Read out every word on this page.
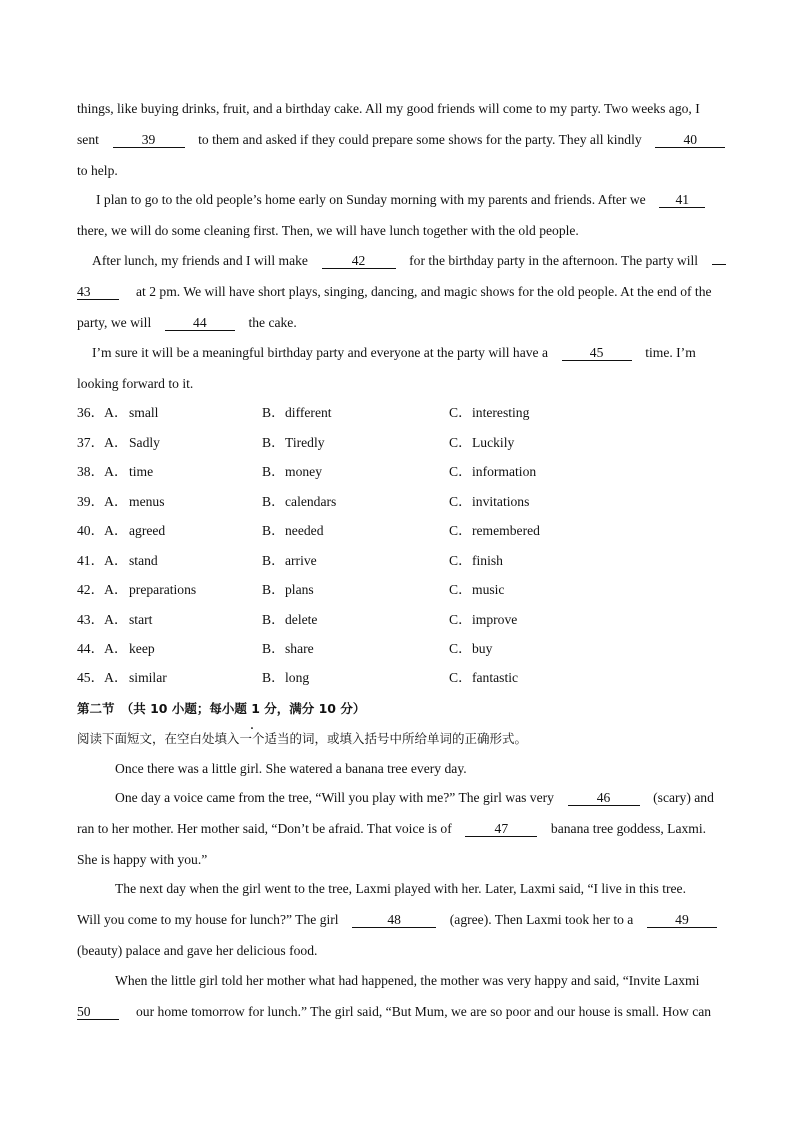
things, like buying drinks, fruit, and a birthday cake. All my good friends will come to my party. Two weeks ago, I
sent	39	to them and asked if they could prepare some shows for the party. They all kindly	40
to help.
I plan to go to the old people’s home early on Sunday morning with my parents and friends. After we 41
there, we will do some cleaning first. Then, we will have lunch together with the old people.
After lunch, my friends and I will make	42	for the birthday party in the afternoon. The party will
43	at 2 pm. We will have short plays, singing, dancing, and magic shows for the old people. At the end of the
party, we will	44	the cake.
I’m sure it will be a meaningful birthday party and everyone at the party will have a	45	time. I’m
looking forward to it.
36．A． small	B． different	C． interesting
37．A． Sadly	B． Tiredly	C． Luckily
38．A． time	B． money	C． information
39．A． menus	B． calendars	C． invitations
40．A． agreed	B． needed	C． remembered
41．A． stand	B． arrive	C． finish
42．A． preparations	B． plans	C． music
43．A． start	B． delete	C． improve
44．A． keep	B． share	C． buy
45．A． similar	B． long	C． fantastic
第二节　（共 10 小题；每小题 1 分，满分 10 分）
阅读下面短文，在空白处填入一个适当的词，或填入括号中所给单词的正确形式。
Once there was a little girl. She watered a banana tree every day.
One day a voice came from the tree, “Will you play with me?” The girl was very	46	(scary) and
ran to her mother. Her mother said, “Don’t be afraid. That voice is of	47	banana tree goddess, Laxmi.
She is happy with you.”
The next day when the girl went to the tree, Laxmi played with her. Later, Laxmi said, “I live in this tree.
Will you come to my house for lunch?” The girl	48	(agree). Then Laxmi took her to a	49
(beauty) palace and gave her delicious food.
When the little girl told her mother what had happened, the mother was very happy and said, “Invite Laxmi
50	our home tomorrow for lunch.” The girl said, “But Mum, we are so poor and our house is small. How can
